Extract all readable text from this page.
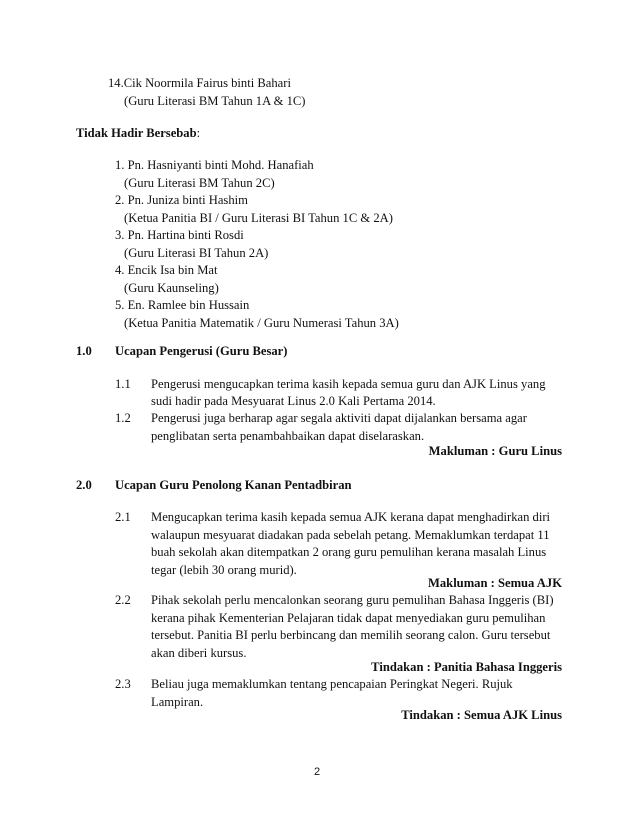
14.Cik Noormila Fairus binti Bahari
(Guru Literasi BM Tahun 1A & 1C)
Tidak Hadir Bersebab:
1. Pn. Hasniyanti binti Mohd. Hanafiah
(Guru Literasi BM Tahun 2C)
2. Pn. Juniza binti Hashim
(Ketua Panitia BI / Guru Literasi BI Tahun 1C & 2A)
3. Pn. Hartina binti Rosdi
(Guru Literasi BI Tahun 2A)
4. Encik Isa bin Mat
(Guru Kaunseling)
5. En. Ramlee bin Hussain
(Ketua Panitia Matematik / Guru Numerasi Tahun 3A)
1.0 Ucapan Pengerusi (Guru Besar)
1.1 Pengerusi mengucapkan terima kasih kepada semua guru dan AJK Linus yang
sudi hadir pada Mesyuarat Linus 2.0 Kali Pertama 2014.
1.2 Pengerusi juga berharap agar segala aktiviti dapat dijalankan bersama agar
penglibatan serta penambahbaikan dapat diselaraskan.
Makluman : Guru Linus
2.0 Ucapan Guru Penolong Kanan Pentadbiran
2.1 Mengucapkan terima kasih kepada semua AJK kerana dapat menghadirkan diri
walaupun mesyuarat diadakan pada sebelah petang. Memaklumkan terdapat 11
buah sekolah akan ditempatkan 2 orang guru pemulihan kerana masalah Linus
tegar (lebih 30 orang murid).
Makluman : Semua AJK
2.2 Pihak sekolah perlu mencalonkan seorang guru pemulihan Bahasa Inggeris (BI)
kerana pihak Kementerian Pelajaran tidak dapat menyediakan guru pemulihan
tersebut. Panitia BI perlu berbincang dan memilih seorang calon. Guru tersebut
akan diberi kursus.
Tindakan : Panitia Bahasa Inggeris
2.3 Beliau juga memaklumkan tentang pencapaian Peringkat Negeri. Rujuk
Lampiran.
Tindakan : Semua AJK Linus
2
